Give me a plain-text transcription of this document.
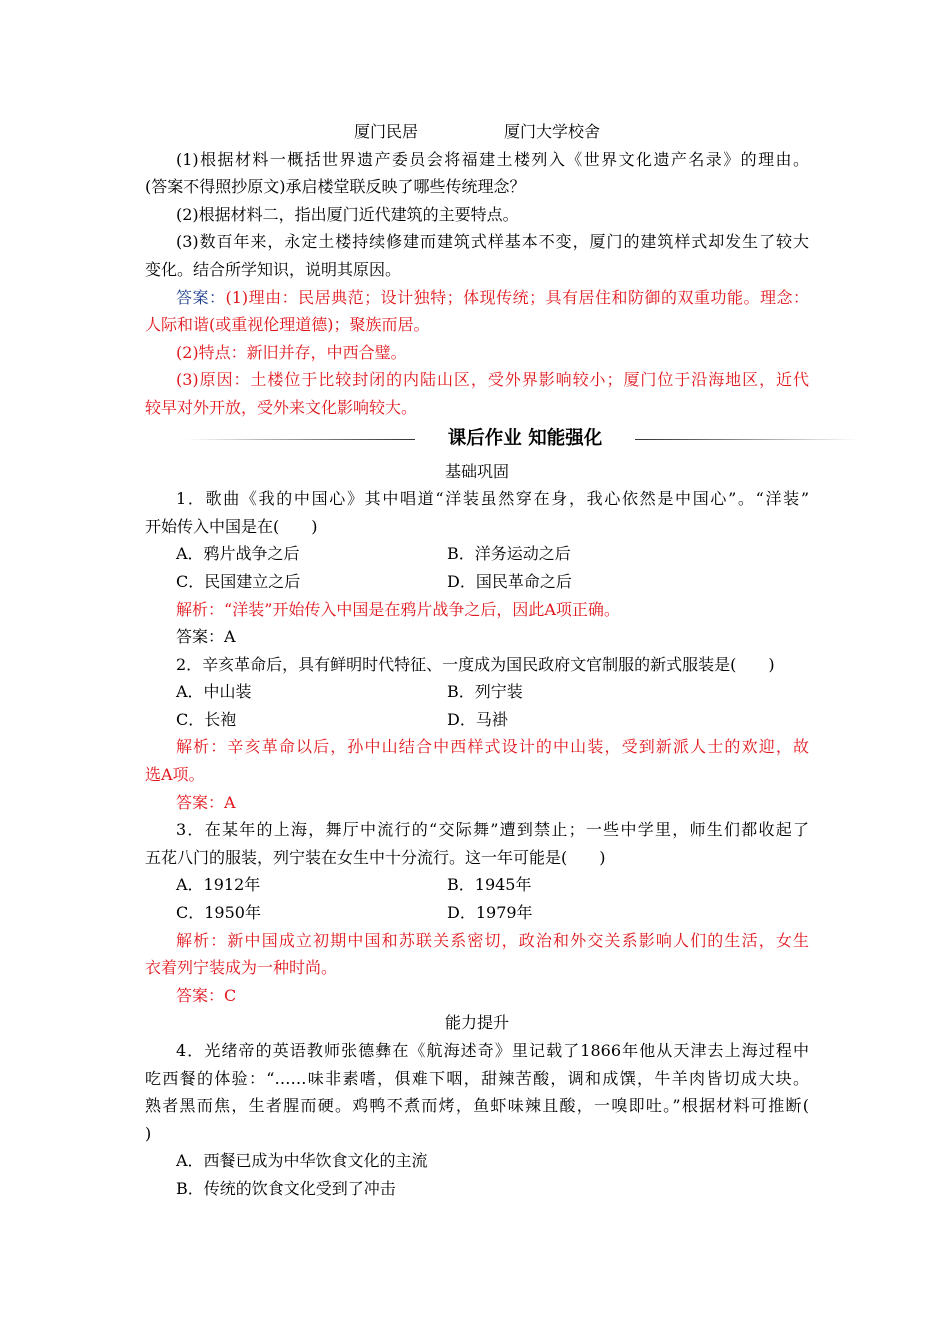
厦门民居	厦门大学校舍
(1)根据材料一概括世界遗产委员会将福建土楼列入《世界文化遗产名录》的理由。
(答案不得照抄原文)承启楼堂联反映了哪些传统理念？
(2)根据材料二，指出厦门近代建筑的主要特点。
(3)数百年来，永定土楼持续修建而建筑式样基本不变，厦门的建筑样式却发生了较大
变化。结合所学知识，说明其原因。
答案：(1)理由：民居典范；设计独特；体现传统；具有居住和防御的双重功能。理念：
人际和谐(或重视伦理道德)；聚族而居。
(2)特点：新旧并存，中西合璧。
(3)原因：土楼位于比较封闭的内陆山区，受外界影响较小；厦门位于沿海地区，近代
较早对外开放，受外来文化影响较大。
课后作业 知能强化
基础巩固
1．歌曲《我的中国心》其中唱道“洋装虽然穿在身，我心依然是中国心”。“洋装”
开始传入中国是在(　　)
A．鸦片战争之后	B．洋务运动之后
C．民国建立之后	D．国民革命之后
解析：“洋装”开始传入中国是在鸦片战争之后，因此A项正确。
答案：A
2．辛亥革命后，具有鲜明时代特征、一度成为国民政府文官制服的新式服装是(　　)
A．中山装	B．列宁装
C．长袍	D．马褂
解析：辛亥革命以后，孙中山结合中西样式设计的中山装，受到新派人士的欢迎，故
选A项。
答案：A
3．在某年的上海，舞厅中流行的“交际舞”遭到禁止；一些中学里，师生们都收起了
五花八门的服装，列宁装在女生中十分流行。这一年可能是(　　)
A．1912年	B．1945年
C．1950年	D．1979年
解析：新中国成立初期中国和苏联关系密切，政治和外交关系影响人们的生活，女生
衣着列宁装成为一种时尚。
答案：C
能力提升
4．光绪帝的英语教师张德彝在《航海述奇》里记载了1866年他从天津去上海过程中
吃西餐的体验：“……味非素嗜，俱难下咽，甜辣苦酸，调和成馔，牛羊肉皆切成大块。
熟者黑而焦，生者腥而硬。鸡鸭不煮而烤，鱼虾味辣且酸，一嗅即吐。”根据材料可推断(
)
A．西餐已成为中华饮食文化的主流
B．传统的饮食文化受到了冲击
